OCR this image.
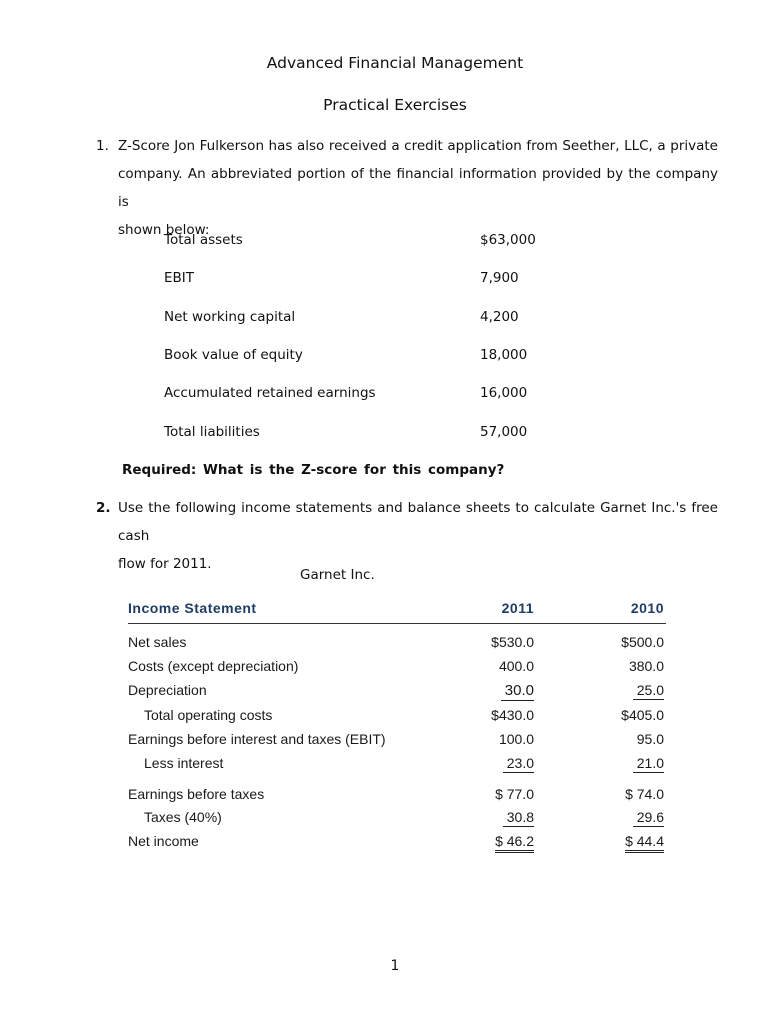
Advanced Financial Management
Practical Exercises
1. Z-Score Jon Fulkerson has also received a credit application from Seether, LLC, a private
company. An abbreviated portion of the financial information provided by the company is
shown below:
Total assets	$63,000
EBIT	7,900
Net working capital	4,200
Book value of equity	18,000
Accumulated retained earnings	16,000
Total liabilities	57,000
Required: What is the Z-score for this company?
2. Use the following income statements and balance sheets to calculate Garnet Inc.'s free cash
flow for 2011.
Garnet Inc.
Income Statement	2011	2010
Net sales	$530.0	$500.0
Costs (except depreciation)	400.0	380.0
Depreciation	30.0	25.0
Total operating costs	$430.0	$405.0
Earnings before interest and taxes (EBIT)	100.0	95.0
Less interest	23.0	21.0
Earnings before taxes	$ 77.0	$ 74.0
Taxes (40%)	30.8	29.6
Net income	$ 46.2	$ 44.4
1
